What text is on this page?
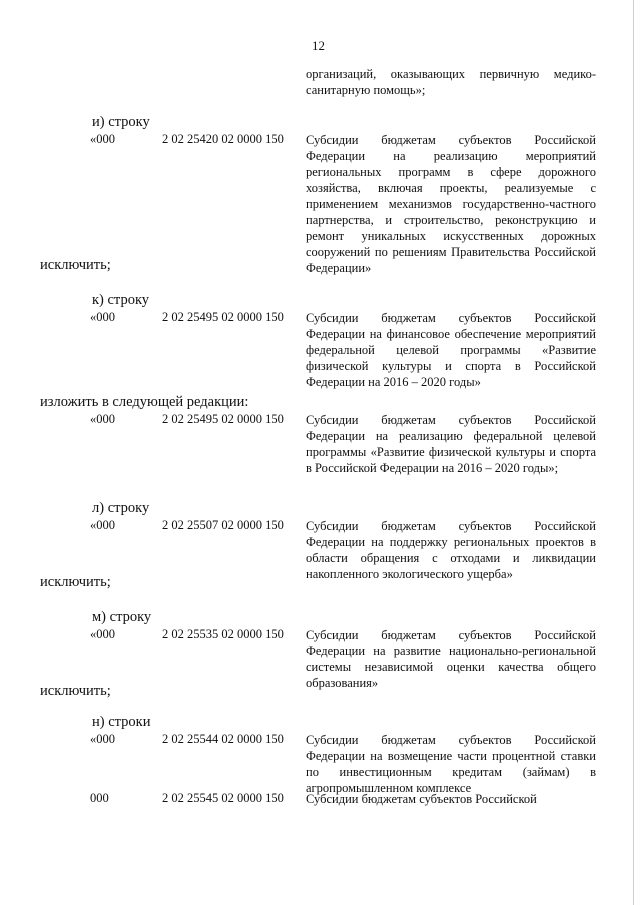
12
организаций, оказывающих первичную медико-санитарную помощь»;
и) строку
«000	2 02 25420 02 0000 150 Субсидии бюджетам субъектов Российской Федерации на реализацию мероприятий региональных программ в сфере дорожного хозяйства, включая проекты, реализуемые с применением механизмов государственно-частного партнерства, и строительство, реконструкцию и ремонт уникальных искусственных дорожных сооружений по решениям Правительства Российской Федерации»
исключить;
к) строку
«000	2 02 25495 02 0000 150 Субсидии бюджетам субъектов Российской Федерации на финансовое обеспечение мероприятий федеральной целевой программы «Развитие физической культуры и спорта в Российской Федерации на 2016 – 2020 годы»
изложить в следующей редакции:
«000	2 02 25495 02 0000 150 Субсидии бюджетам субъектов Российской Федерации на реализацию федеральной целевой программы «Развитие физической культуры и спорта в Российской Федерации на 2016 – 2020 годы»;
л) строку
«000	2 02 25507 02 0000 150 Субсидии бюджетам субъектов Российской Федерации на поддержку региональных проектов в области обращения с отходами и ликвидации накопленного экологического ущерба»
исключить;
м) строку
«000	2 02 25535 02 0000 150 Субсидии бюджетам субъектов Российской Федерации на развитие национально-региональной системы независимой оценки качества общего образования»
исключить;
н) строки
«000	2 02 25544 02 0000 150 Субсидии бюджетам субъектов Российской Федерации на возмещение части процентной ставки по инвестиционным кредитам (займам) в агропромышленном комплексе
000	2 02 25545 02 0000 150 Субсидии бюджетам субъектов Российской
